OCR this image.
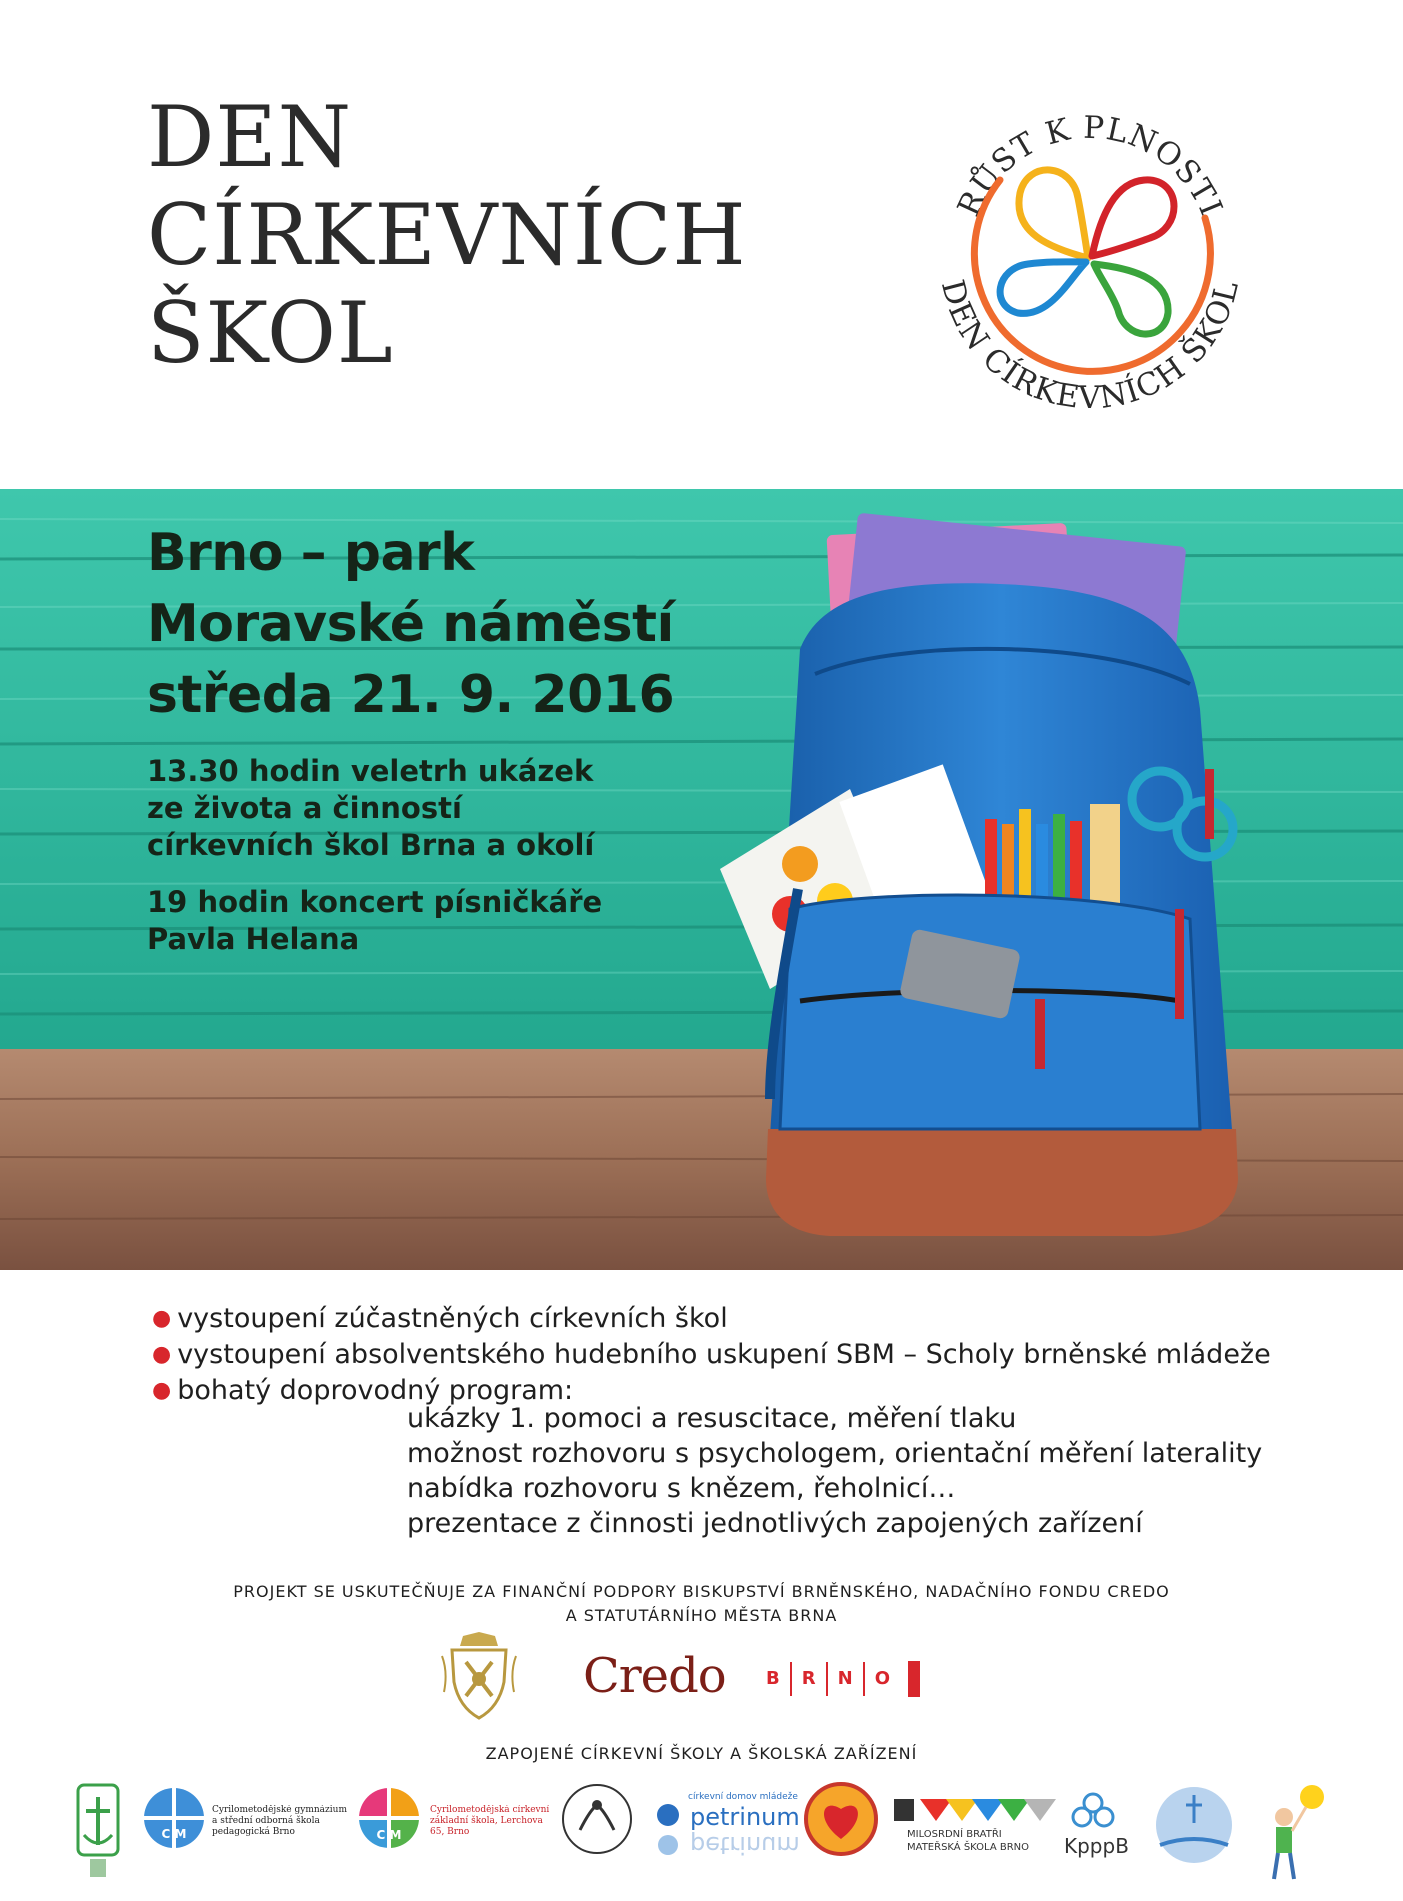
DEN
CÍRKEVNÍCH
ŠKOL
RŮST K PLNOSTI
DEN CÍRKEVNÍCH ŠKOL
Brno – park
Moravské náměstí
středa 21. 9. 2016
13.30 hodin veletrh ukázek
ze života a činností
církevních škol Brna a okolí
19 hodin koncert písničkáře
Pavla Helana
● vystoupení zúčastněných církevních škol
● vystoupení absolventského hudebního uskupení SBM – Scholy brněnské mládeže
● bohatý doprovodný program:
ukázky 1. pomoci a resuscitace, měření tlaku
možnost rozhovoru s psychologem, orientační měření laterality
nabídka rozhovoru s knězem, řeholnicí…
prezentace z činnosti jednotlivých zapojených zařízení
PROJEKT SE USKUTEČŇUJE ZA FINANČNÍ PODPORY BISKUPSTVÍ BRNĚNSKÉHO, NADAČNÍHO FONDU CREDO
A STATUTÁRNÍHO MĚSTA BRNA
Credo	B	R	N	O
ZAPOJENÉ CÍRKEVNÍ ŠKOLY A ŠKOLSKÁ ZAŘÍZENÍ
C M
Cyrilometodějské gymnázium a střední odborná škola pedagogická Brno	C M
Cyrilometodějská církevní základní škola, Lerchova 65, Brno
církevní domov mládeže
petrinum
petrinum	MILOSRDNÍ BRATŘI
MATEŘSKÁ ŠKOLA BRNO KpppB
